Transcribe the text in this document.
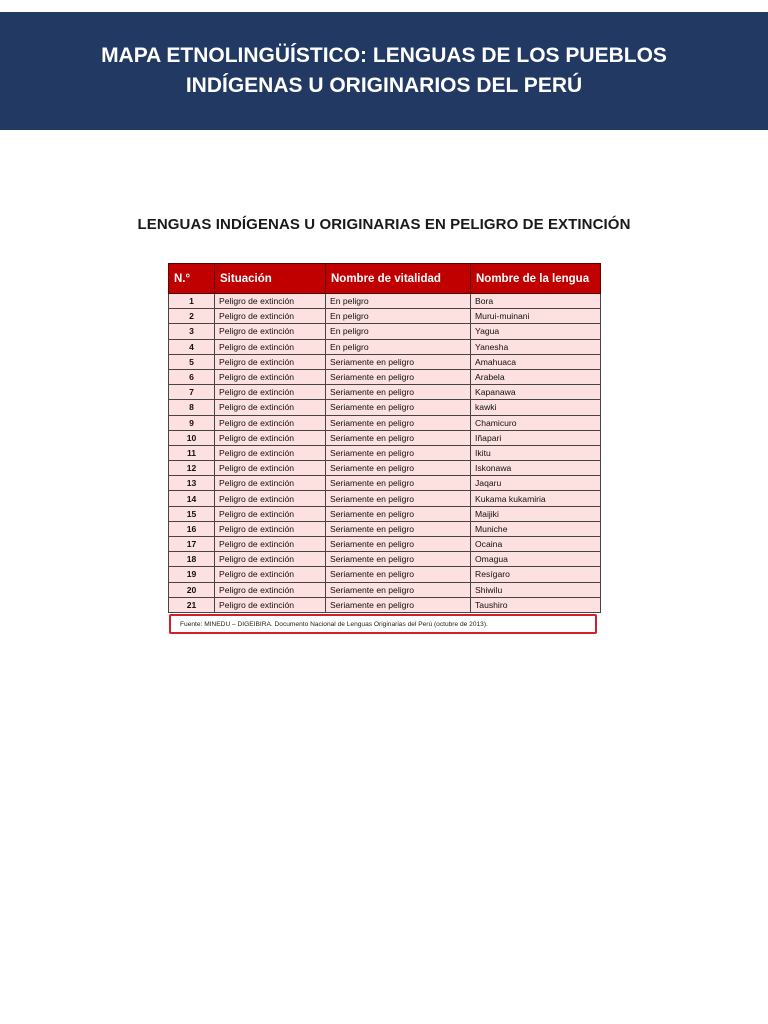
MAPA ETNOLINGÜÍSTICO: LENGUAS DE LOS PUEBLOS INDÍGENAS U ORIGINARIOS DEL PERÚ
LENGUAS INDÍGENAS U ORIGINARIAS EN PELIGRO DE EXTINCIÓN
N.°	Situación	Nombre de vitalidad	Nombre de la lengua
1	Peligro de extinción	En peligro	Bora
2	Peligro de extinción	En peligro	Murui-muinani
3	Peligro de extinción	En peligro	Yagua
4	Peligro de extinción	En peligro	Yanesha
5	Peligro de extinción	Seriamente en peligro	Amahuaca
6	Peligro de extinción	Seriamente en peligro	Arabela
7	Peligro de extinción	Seriamente en peligro	Kapanawa
8	Peligro de extinción	Seriamente en peligro	kawki
9	Peligro de extinción	Seriamente en peligro	Chamicuro
10	Peligro de extinción	Seriamente en peligro	Iñapari
11	Peligro de extinción	Seriamente en peligro	Ikitu
12	Peligro de extinción	Seriamente en peligro	Iskonawa
13	Peligro de extinción	Seriamente en peligro	Jaqaru
14	Peligro de extinción	Seriamente en peligro	Kukama kukamiria
15	Peligro de extinción	Seriamente en peligro	Maijiki
16	Peligro de extinción	Seriamente en peligro	Muniche
17	Peligro de extinción	Seriamente en peligro	Ocaina
18	Peligro de extinción	Seriamente en peligro	Omagua
19	Peligro de extinción	Seriamente en peligro	Resígaro
20	Peligro de extinción	Seriamente en peligro	Shiwilu
21	Peligro de extinción	Seriamente en peligro	Taushiro
Fuente: MINEDU – DIGEIBIRA. Documento Nacional de Lenguas Originarias del Perú (octubre de 2013).
